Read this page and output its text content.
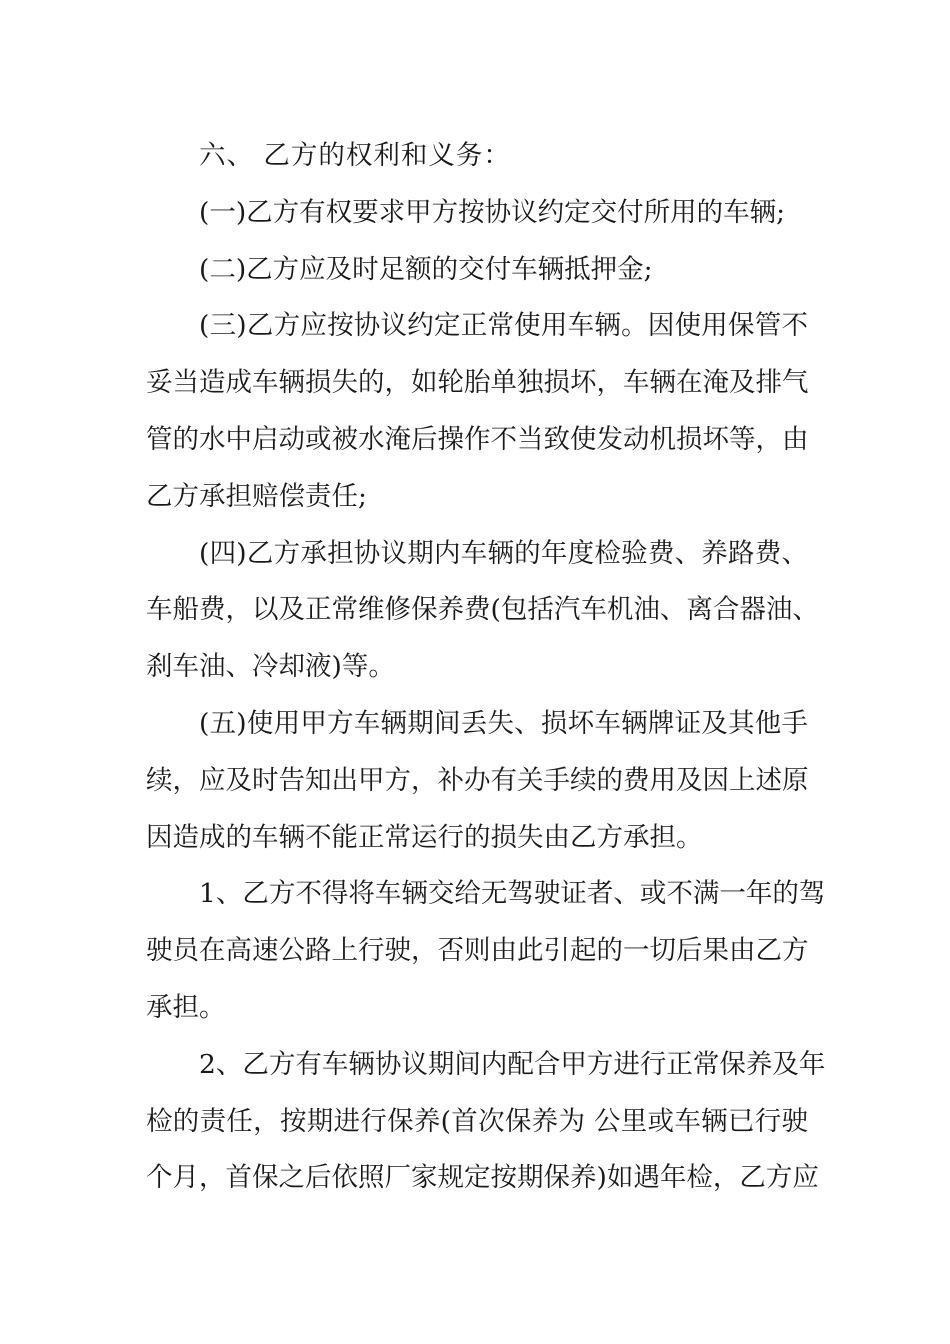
六、 乙方的权利和义务：
(一)乙方有权要求甲方按协议约定交付所用的车辆;
(二)乙方应及时足额的交付车辆抵押金;
(三)乙方应按协议约定正常使用车辆。因使用保管不
妥当造成车辆损失的，如轮胎单独损坏，车辆在淹及排气
管的水中启动或被水淹后操作不当致使发动机损坏等，由
乙方承担赔偿责任;
(四)乙方承担协议期内车辆的年度检验费、养路费、
车船费，以及正常维修保养费(包括汽车机油、离合器油、
刹车油、冷却液)等。
(五)使用甲方车辆期间丢失、损坏车辆牌证及其他手
续，应及时告知出甲方，补办有关手续的费用及因上述原
因造成的车辆不能正常运行的损失由乙方承担。
1、乙方不得将车辆交给无驾驶证者、或不满一年的驾
驶员在高速公路上行驶，否则由此引起的一切后果由乙方
承担。
2、乙方有车辆协议期间内配合甲方进行正常保养及年
检的责任，按期进行保养(首次保养为 公里或车辆已行驶
个月，首保之后依照厂家规定按期保养)如遇年检，乙方应
